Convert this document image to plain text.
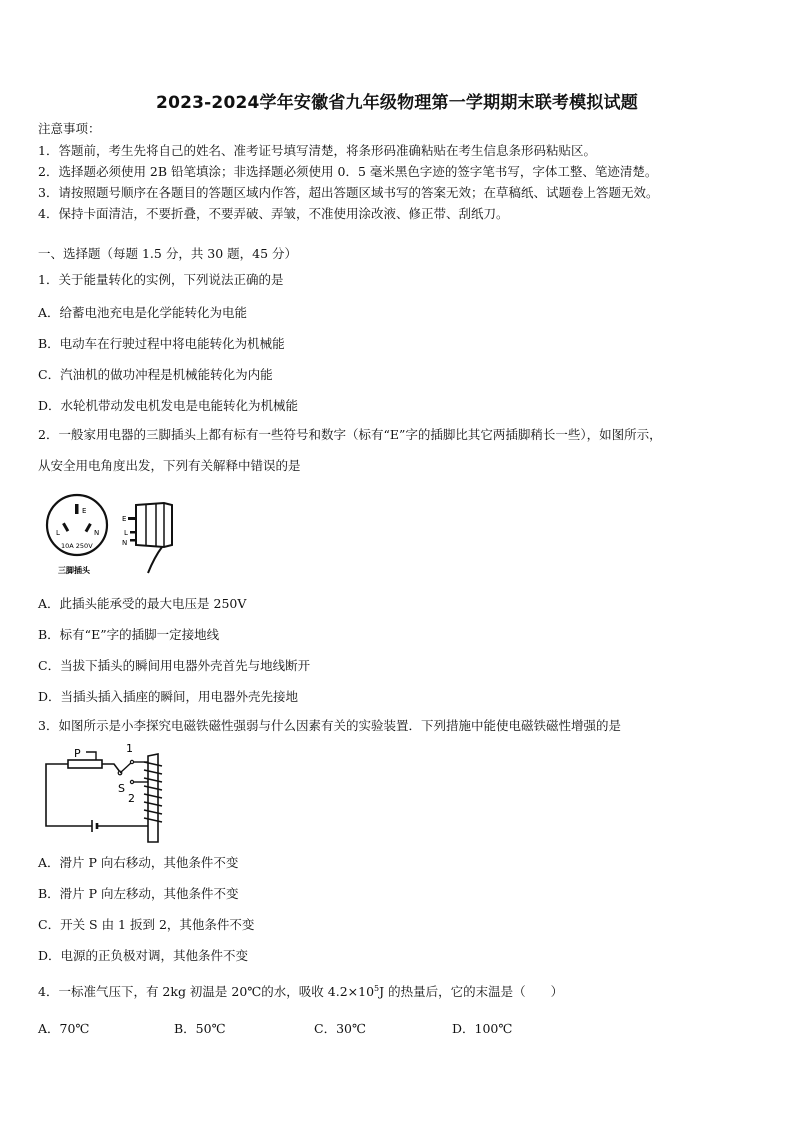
2023-2024学年安徽省九年级物理第一学期期末联考模拟试题
注意事项：
1．答题前，考生先将自己的姓名、准考证号填写清楚，将条形码准确粘贴在考生信息条形码粘贴区。
2．选择题必须使用 2B 铅笔填涂；非选择题必须使用 0．5 毫米黑色字迹的签字笔书写，字体工整、笔迹清楚。
3．请按照题号顺序在各题目的答题区域内作答，超出答题区域书写的答案无效；在草稿纸、试题卷上答题无效。
4．保持卡面清洁，不要折叠，不要弄破、弄皱，不准使用涂改液、修正带、刮纸刀。
一、选择题（每题 1.5 分，共 30 题，45 分）
1．关于能量转化的实例，下列说法正确的是
A．给蓄电池充电是化学能转化为电能
B．电动车在行驶过程中将电能转化为机械能
C．汽油机的做功冲程是机械能转化为内能
D．水轮机带动发电机发电是电能转化为机械能
2．一般家用电器的三脚插头上都有标有一些符号和数字（标有“E”字的插脚比其它两插脚稍长一些），如图所示，
从安全用电角度出发，下列有关解释中错误的是
E
L	N
10A 250V
三脚插头
E
L
N
A．此插头能承受的最大电压是 250V
B．标有“E”字的插脚一定接地线
C．当拔下插头的瞬间用电器外壳首先与地线断开
D．当插头插入插座的瞬间，用电器外壳先接地
3．如图所示是小李探究电磁铁磁性强弱与什么因素有关的实验装置．下列措施中能使电磁铁磁性增强的是
P	1
S
2
A．滑片 P 向右移动，其他条件不变
B．滑片 P 向左移动，其他条件不变
C．开关 S 由 1 扳到 2，其他条件不变
D．电源的正负极对调，其他条件不变
4．一标准气压下，有 2kg 初温是 20℃的水，吸收 $4.2\times 10^5J$ 的热量后，它的末温是（　　）
A．70℃	B．50℃	C．30℃	D．100℃
